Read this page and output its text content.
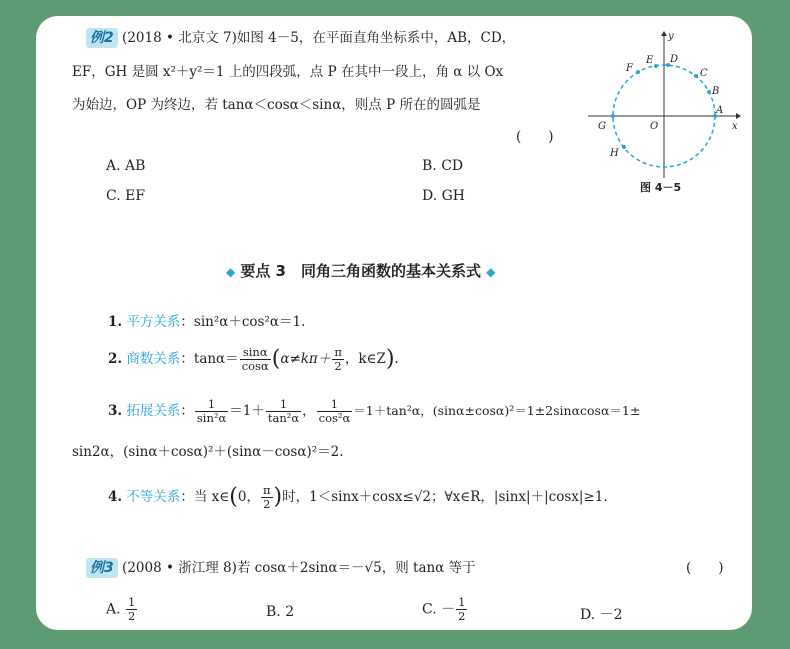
例2 (2018 • 北京文 7)如图 4－5，在平面直角坐标系中，AB，CD，
EF，GH 是圆 x²＋y²＝1 上的四段弧，点 P 在其中一段上，角 α 以 Ox
为始边，OP 为终边，若 tanα＜cosα＜sinα，则点 P 所在的圆弧是
(　　)
A. AB	B. CD
C. EF	D. GH
y
x
O
A
B
C
D
E
F
G
H
图 4－5
◆ 要点 3　同角三角函数的基本关系式 ◆
1. 平方关系：sin²α＋cos²α＝1.
2. 商数关系：$\tan\alpha= \frac{\sin\alpha}{\cos\alpha} (\alpha\ne k\pi+ \frac{\pi}{2}$ ，k∈Z).
3. 拓展关系： $\frac{1}{\text{sin²α}} =1+ \frac{1}{\text{tan²α}}$ ， $\frac{1}{\text{cos²α}} =1+\tan^2\alpha$，(sinα±cosα)²＝1±2sinαcosα＝1±
sin2α，(sinα＋cosα)²＋(sinα－cosα)²＝2.
4. 不等关系：当 x∈(0， $\frac{\pi}{2}$ )时，1＜sinx＋cosx≤√2；∀x∈R，|sinx|＋|cosx|≥1.
例3 (2008 • 浙江理 8)若 cosα＋2sinα＝－√5，则 tanα 等于	(　　)
A. $\frac{1}{2}$	B. 2	C. － $\frac{1}{2}$	D. －2
